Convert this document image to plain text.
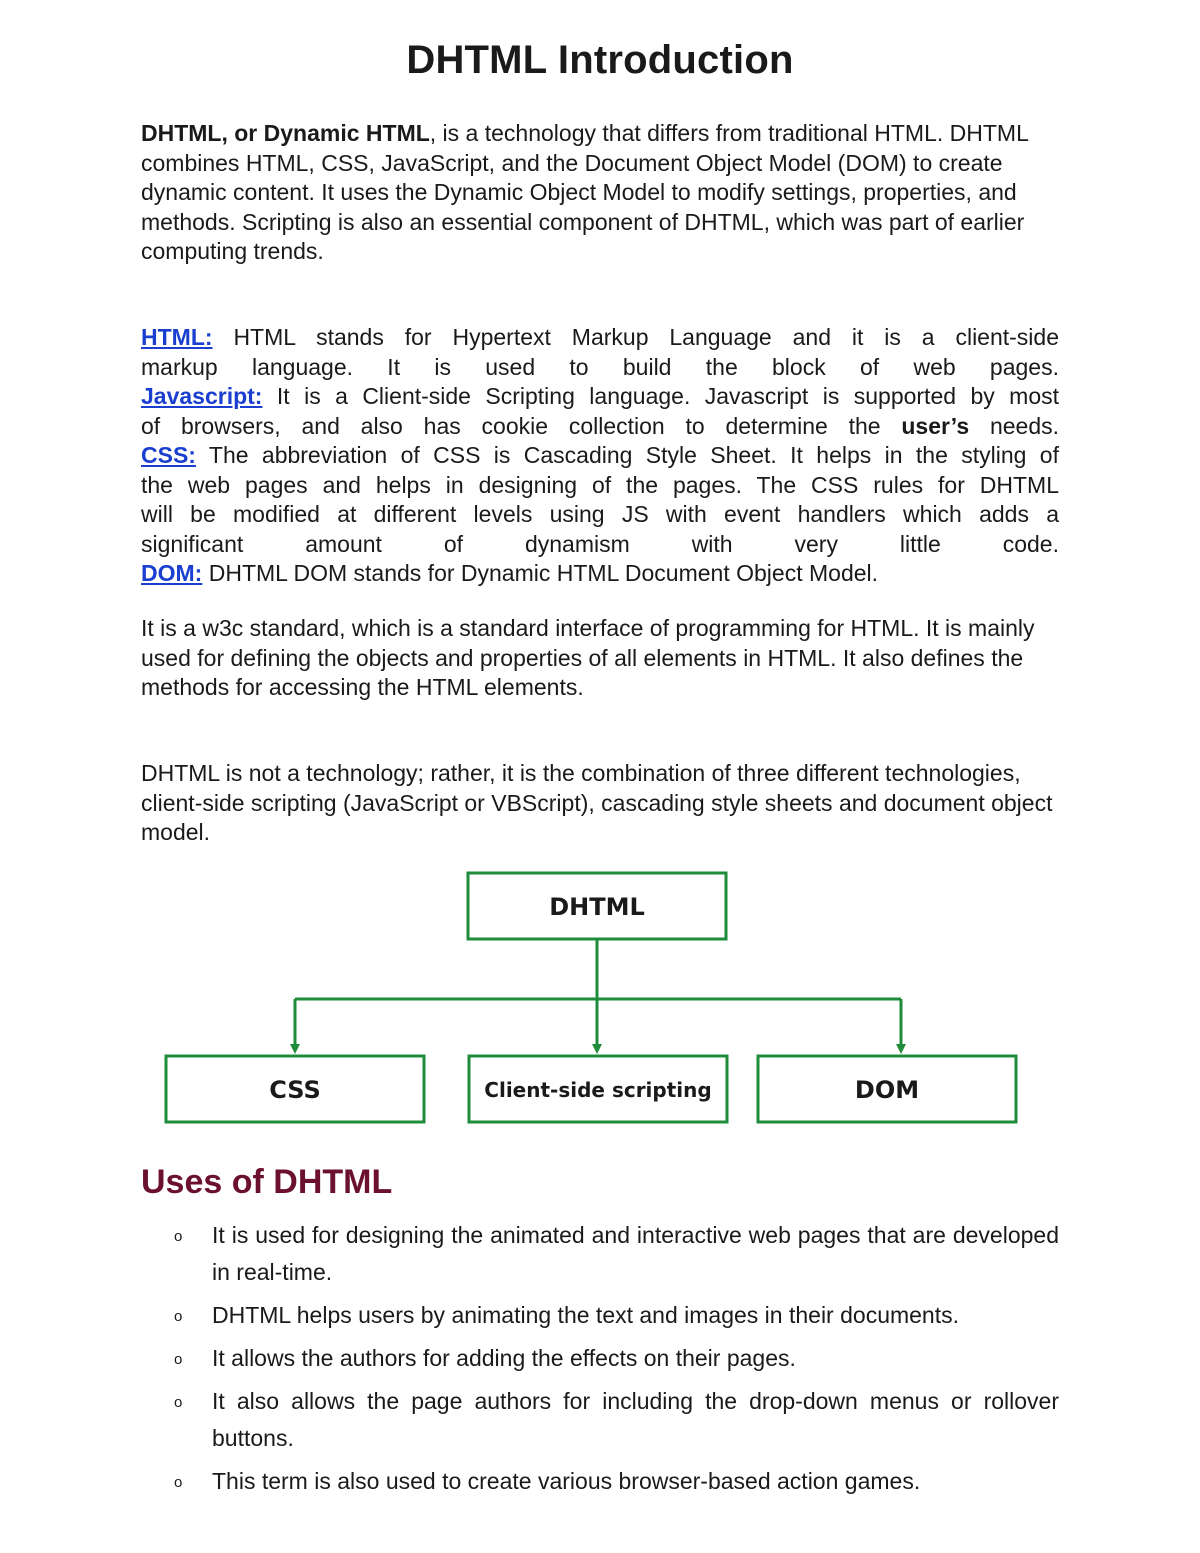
DHTML Introduction
DHTML, or Dynamic HTML, is a technology that differs from traditional HTML. DHTML combines HTML, CSS, JavaScript, and the Document Object Model (DOM) to create dynamic content. It uses the Dynamic Object Model to modify settings, properties, and methods. Scripting is also an essential component of DHTML, which was part of earlier computing trends.
HTML: HTML stands for Hypertext Markup Language and it is a client-side
markup language. It is used to build the block of web pages.
Javascript: It is a Client-side Scripting language. Javascript is supported by most
of browsers, and also has cookie collection to determine the user’s needs.
CSS: The abbreviation of CSS is Cascading Style Sheet. It helps in the styling of
the web pages and helps in designing of the pages. The CSS rules for DHTML
will be modified at different levels using JS with event handlers which adds a
significant amount of dynamism with very little code.
DOM: DHTML DOM stands for Dynamic HTML Document Object Model.
It is a w3c standard, which is a standard interface of programming for HTML. It is mainly used for defining the objects and properties of all elements in HTML. It also defines the methods for accessing the HTML elements.
DHTML is not a technology; rather, it is the combination of three different technologies, client-side scripting (JavaScript or VBScript), cascading style sheets and document object model.
DHTML
CSS	Client-side scripting	DOM
Uses of DHTML
o It is used for designing the animated and interactive web pages that are developed in real-time.
o DHTML helps users by animating the text and images in their documents.
o It allows the authors for adding the effects on their pages.
o It also allows the page authors for including the drop-down menus or rollover buttons.
o This term is also used to create various browser-based action games.
